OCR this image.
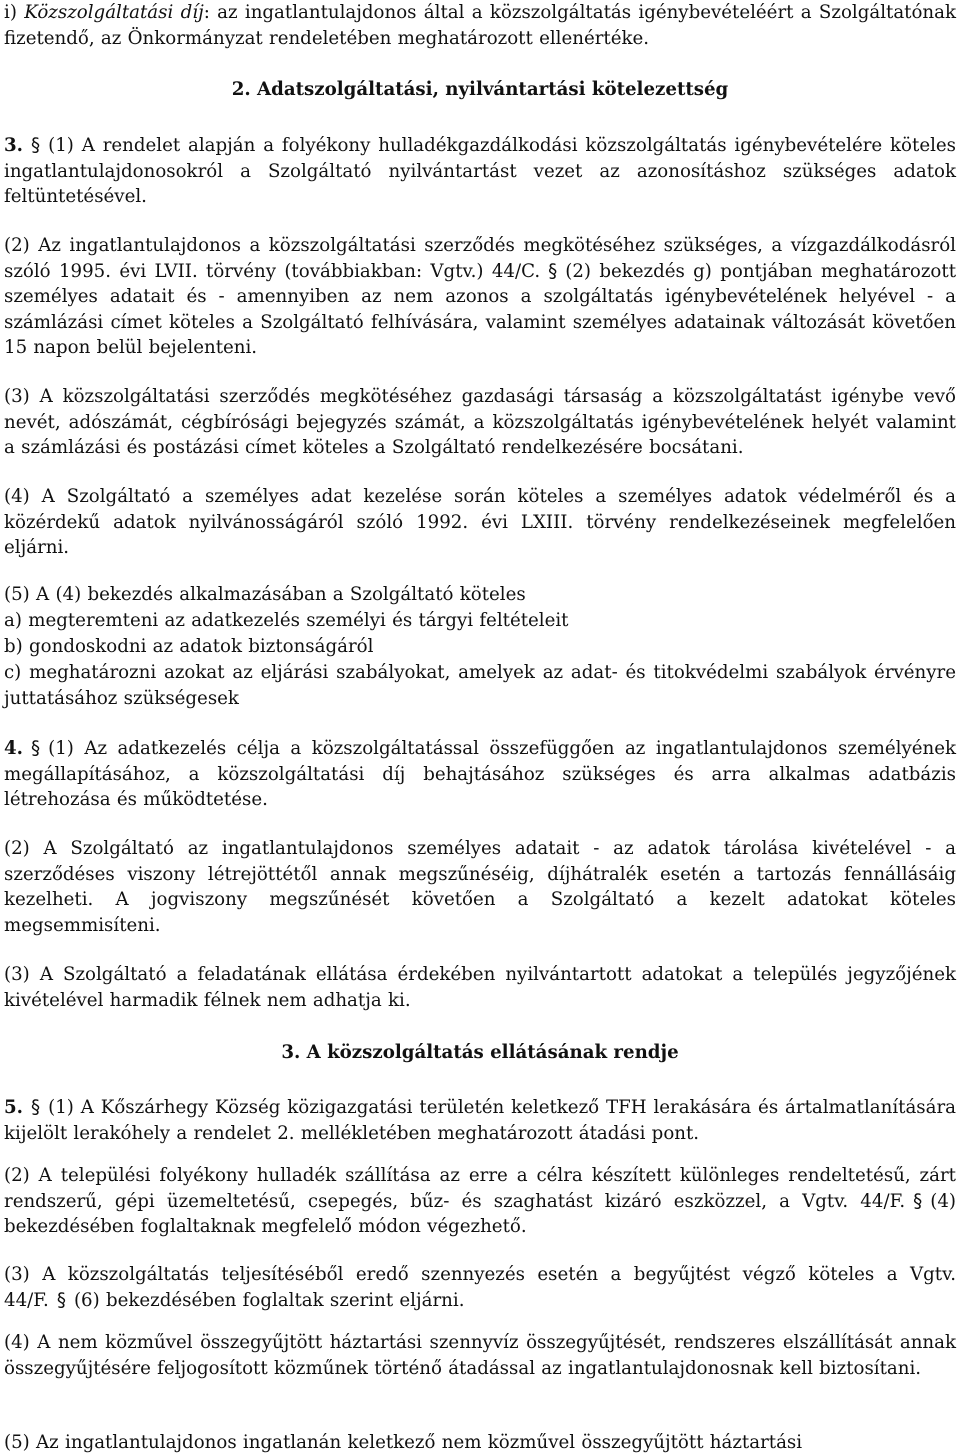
i) Közszolgáltatási díj: az ingatlantulajdonos által a közszolgáltatás igénybevételéért a Szolgáltatónak fizetendő, az Önkormányzat rendeletében meghatározott ellenértéke.

2. Adatszolgáltatási, nyilvántartási kötelezettség

3. § (1) A rendelet alapján a folyékony hulladékgazdálkodási közszolgáltatás igénybevételére köteles ingatlantulajdonosokról a Szolgáltató nyilvántartást vezet az azonosításhoz szükséges adatok feltüntetésével.

(2) Az ingatlantulajdonos a közszolgáltatási szerződés megkötéséhez szükséges, a vízgazdálkodásról szóló 1995. évi LVII. törvény (továbbiakban: Vgtv.) 44/C. § (2) bekezdés g) pontjában meghatározott személyes adatait és - amennyiben az nem azonos a szolgáltatás igénybevételének helyével - a számlázási címet köteles a Szolgáltató felhívására, valamint személyes adatainak változását követően 15 napon belül bejelenteni.

(3) A közszolgáltatási szerződés megkötéséhez gazdasági társaság a közszolgáltatást igénybe vevő nevét, adószámát, cégbírósági bejegyzés számát, a közszolgáltatás igénybevételének helyét valamint a számlázási és postázási címet köteles a Szolgáltató rendelkezésére bocsátani.

(4) A Szolgáltató a személyes adat kezelése során köteles a személyes adatok védelméről és a közérdekű adatok nyilvánosságáról szóló 1992. évi LXIII. törvény rendelkezéseinek megfelelően eljárni.

(5) A (4) bekezdés alkalmazásában a Szolgáltató köteles

a) megteremteni az adatkezelés személyi és tárgyi feltételeit

b) gondoskodni az adatok biztonságáról

c) meghatározni azokat az eljárási szabályokat, amelyek az adat- és titokvédelmi szabályok érvényre juttatásához szükségesek

4. § (1) Az adatkezelés célja a közszolgáltatással összefüggően az ingatlantulajdonos személyének megállapításához, a közszolgáltatási díj behajtásához szükséges és arra alkalmas adatbázis létrehozása és működtetése.

(2) A Szolgáltató az ingatlantulajdonos személyes adatait - az adatok tárolása kivételével - a szerződéses viszony létrejöttétől annak megszűnéséig, díjhátralék esetén a tartozás fennállásáig kezelheti. A jogviszony megszűnését követően a Szolgáltató a kezelt adatokat köteles megsemmisíteni.

(3) A Szolgáltató a feladatának ellátása érdekében nyilvántartott adatokat a település jegyzőjének kivételével harmadik félnek nem adhatja ki.

3. A közszolgáltatás ellátásának rendje

5. § (1) A Kőszárhegy Község közigazgatási területén keletkező TFH lerakására és ártalmatlanítására kijelölt lerakóhely a rendelet 2. mellékletében meghatározott átadási pont.

(2) A települési folyékony hulladék szállítása az erre a célra készített különleges rendeltetésű, zárt rendszerű, gépi üzemeltetésű, csepegés, bűz- és szaghatást kizáró eszközzel, a Vgtv. 44/F. § (4) bekezdésében foglaltaknak megfelelő módon végezhető.

(3) A közszolgáltatás teljesítéséből eredő szennyezés esetén a begyűjtést végző köteles a Vgtv. 44/F. § (6) bekezdésében foglaltak szerint eljárni.

(4) A nem közművel összegyűjtött háztartási szennyvíz összegyűjtését, rendszeres elszállítását annak összegyűjtésére feljogosított közműnek történő átadással az ingatlantulajdonosnak kell biztosítani.

(5) Az ingatlantulajdonos ingatlanán keletkező nem közművel összegyűjtött háztartási
